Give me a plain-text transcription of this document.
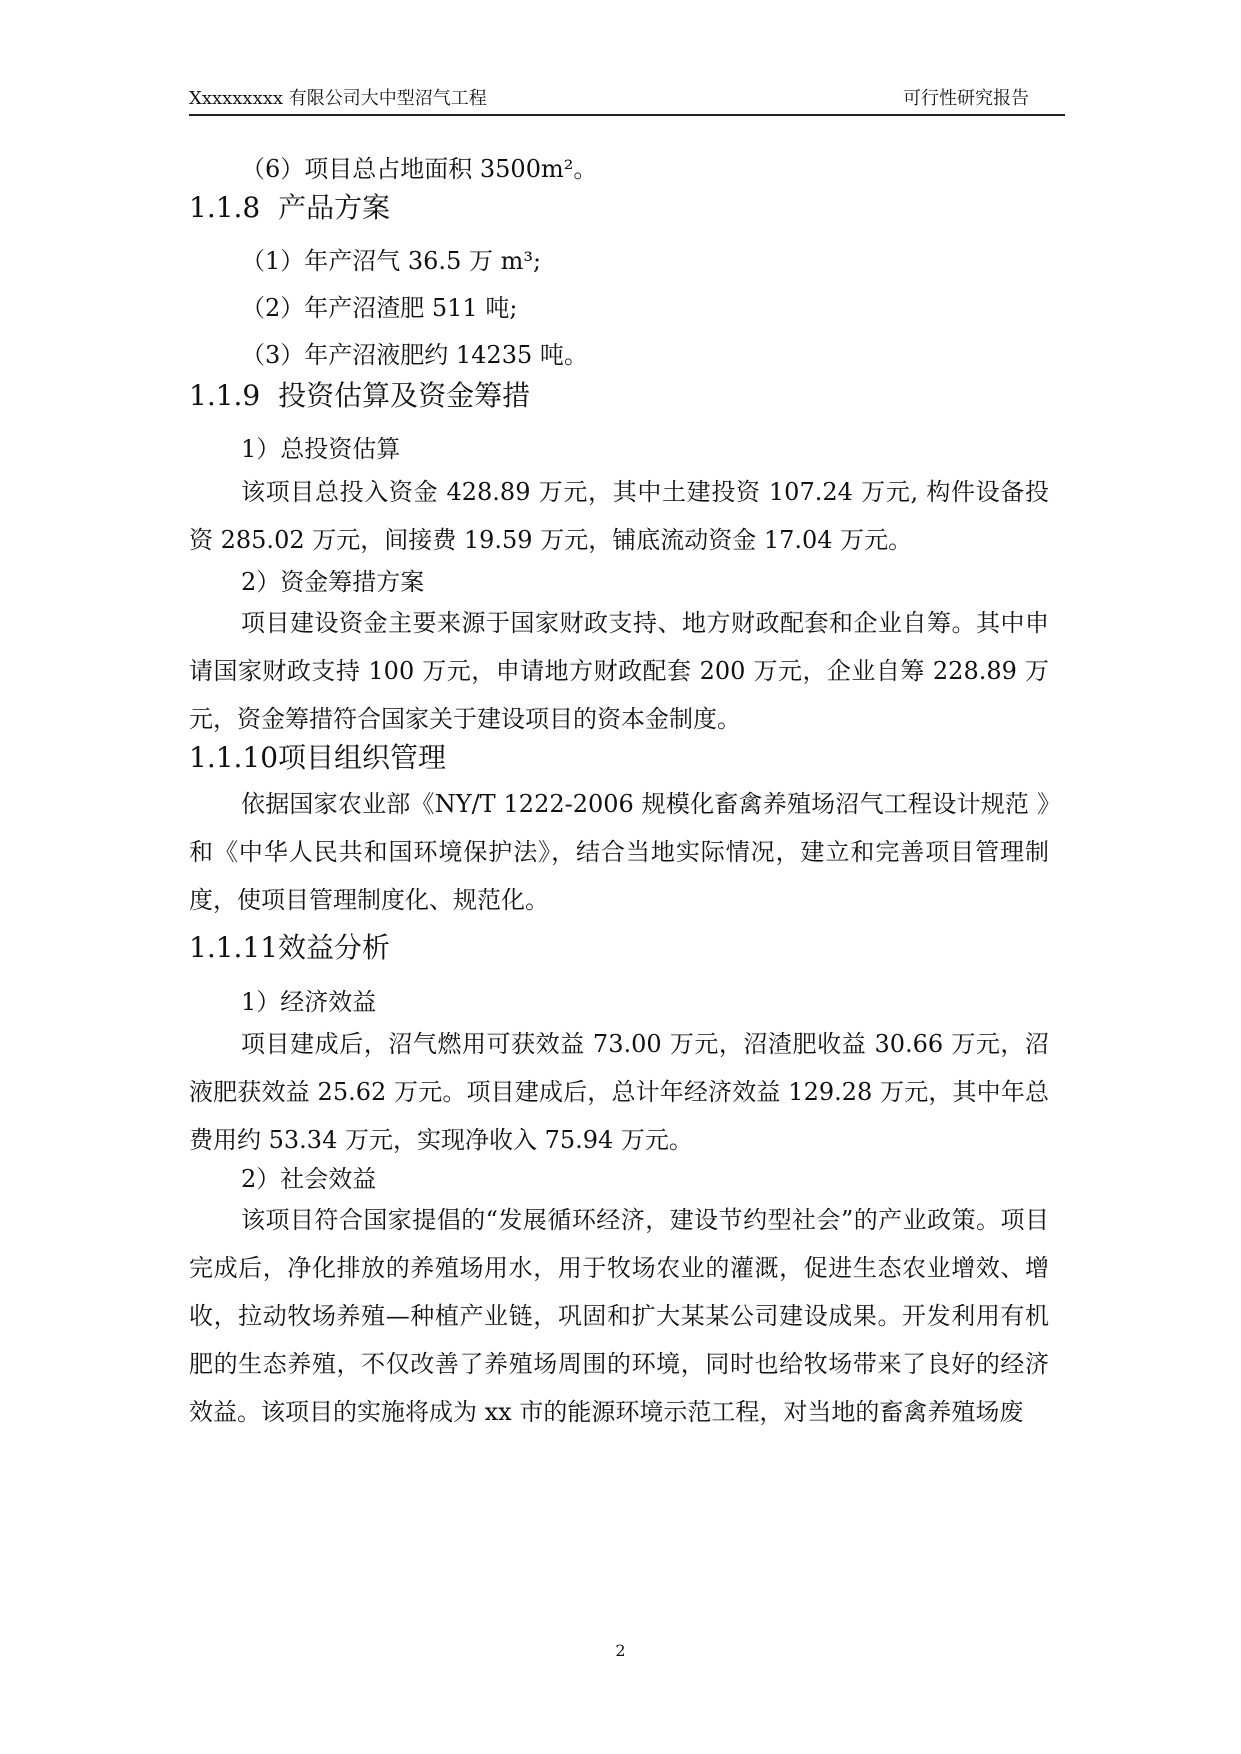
Xxxxxxxxx 有限公司大中型沼气工程	可行性研究报告

（6）项目总占地面积 3500m²。

1.1.8 产品方案

（1）年产沼气 36.5 万 m³;

（2）年产沼渣肥 511 吨;

（3）年产沼液肥约 14235 吨。

1.1.9 投资估算及资金筹措

1）总投资估算

该项目总投入资金 428.89 万元，其中土建投资 107.24 万元, 构件设备投资 285.02 万元，间接费 19.59 万元，铺底流动资金 17.04 万元。

2）资金筹措方案

项目建设资金主要来源于国家财政支持、地方财政配套和企业自筹。其中申请国家财政支持 100 万元，申请地方财政配套 200 万元，企业自筹 228.89 万元，资金筹措符合国家关于建设项目的资本金制度。

1.1.10项目组织管理

依据国家农业部《NY/T 1222-2006 规模化畜禽养殖场沼气工程设计规范 》和《中华人民共和国环境保护法》，结合当地实际情况，建立和完善项目管理制度，使项目管理制度化、规范化。

1.1.11效益分析

1）经济效益

项目建成后，沼气燃用可获效益 73.00 万元，沼渣肥收益 30.66 万元，沼液肥获效益 25.62 万元。项目建成后，总计年经济效益 129.28 万元，其中年总费用约 53.34 万元，实现净收入 75.94 万元。

2）社会效益

该项目符合国家提倡的“发展循环经济，建设节约型社会”的产业政策。项目完成后，净化排放的养殖场用水，用于牧场农业的灌溉，促进生态农业增效、增收，拉动牧场养殖—种植产业链，巩固和扩大某某公司建设成果。开发利用有机肥的生态养殖，不仅改善了养殖场周围的环境，同时也给牧场带来了良好的经济效益。该项目的实施将成为 xx 市的能源环境示范工程，对当地的畜禽养殖场废

2
